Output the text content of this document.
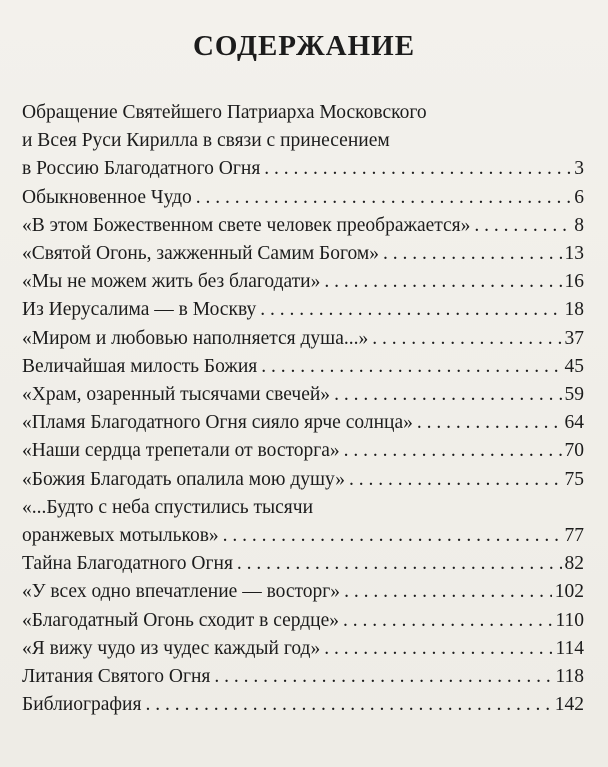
СОДЕРЖАНИЕ
Обращение Святейшего Патриарха Московского
и Всея Руси Кирилла в связи с принесением
в Россию Благодатного Огня . . .	3
Обыкновенное Чудо . . .	6
«В этом Божественном свете человек преображается» . . .	8
«Святой Огонь, зажженный Самим Богом» . . .	13
«Мы не можем жить без благодати» . . .	16
Из Иерусалима — в Москву . . .	18
«Миром и любовью наполняется душа...» . . .	37
Величайшая милость Божия . . .	45
«Храм, озаренный тысячами свечей» . . .	59
«Пламя Благодатного Огня сияло ярче солнца» . . .	64
«Наши сердца трепетали от восторга» . . .	70
«Божия Благодать опалила мою душу» . . .	75
«...Будто с неба спустились тысячи
оранжевых мотыльков» . . .	77
Тайна Благодатного Огня . . .	82
«У всех одно впечатление — восторг» . . .	102
«Благодатный Огонь сходит в сердце» . . .	110
«Я вижу чудо из чудес каждый год» . . .	114
Литания Святого Огня . . .	118
Библиография . . .	142
